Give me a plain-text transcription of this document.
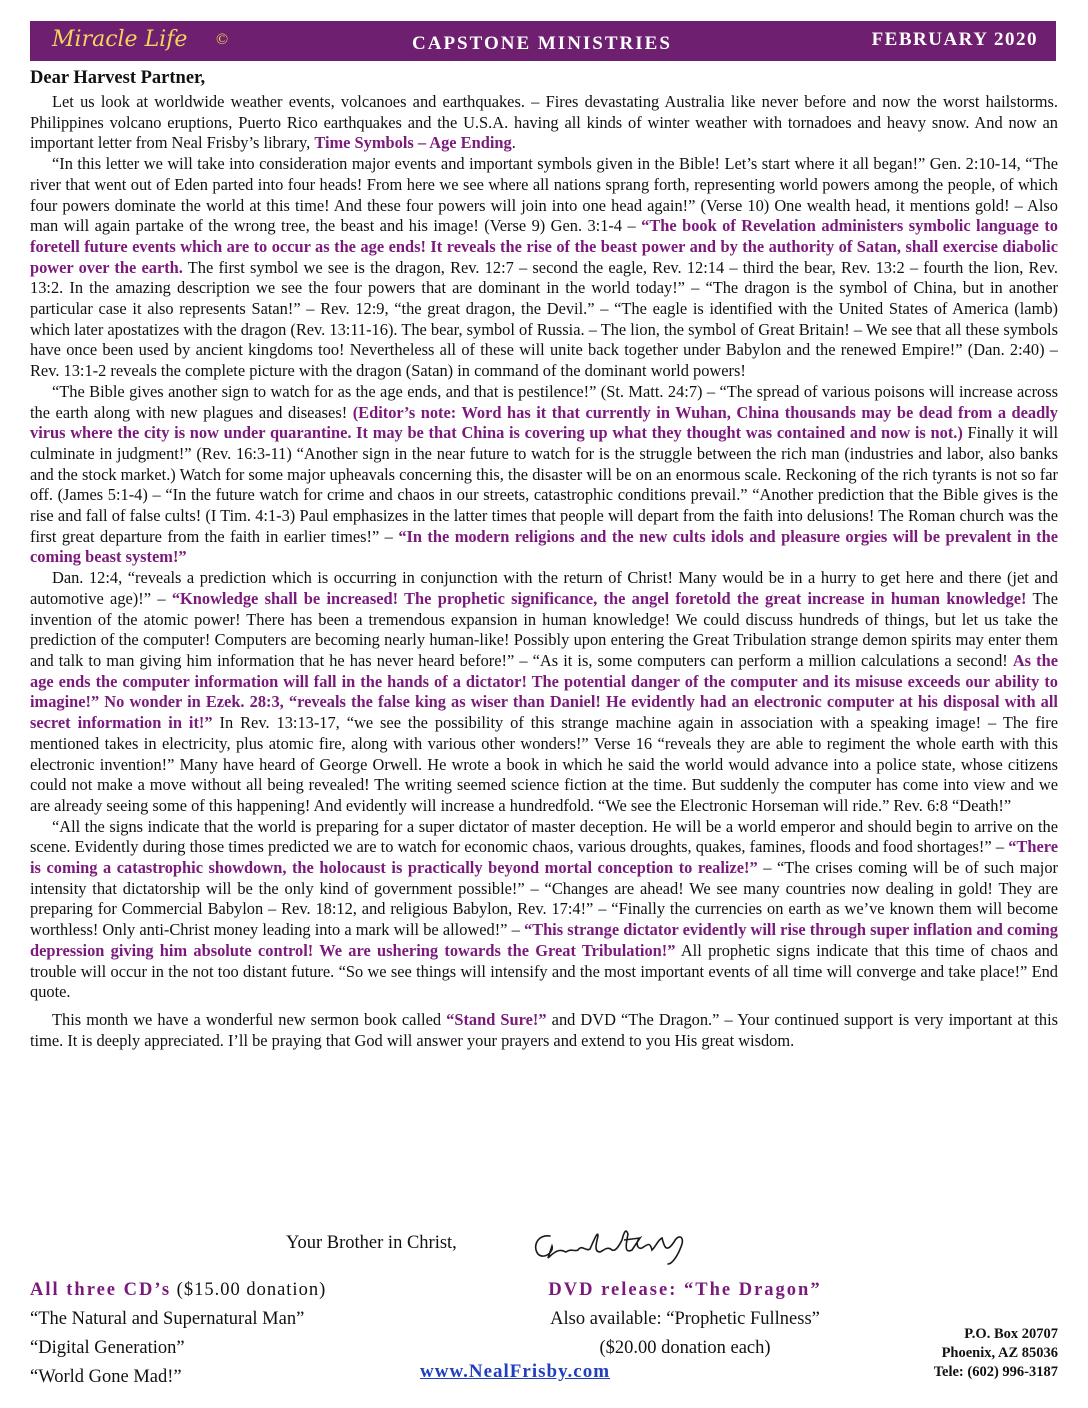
Miracle Life ©	CAPSTONE MINISTRIES	FEBRUARY 2020
Dear Harvest Partner,

Let us look at worldwide weather events, volcanoes and earthquakes. – Fires devastating Australia like never before and now the worst hailstorms. Philippines volcano eruptions, Puerto Rico earthquakes and the U.S.A. having all kinds of winter weather with tornadoes and heavy snow. And now an important letter from Neal Frisby’s library, Time Symbols – Age Ending.

“In this letter we will take into consideration major events and important symbols given in the Bible! Let’s start where it all began!” Gen. 2:10-14, “The river that went out of Eden parted into four heads! From here we see where all nations sprang forth, representing world powers among the people, of which four powers dominate the world at this time! And these four powers will join into one head again!” (Verse 10) One wealth head, it mentions gold! – Also man will again partake of the wrong tree, the beast and his image! (Verse 9) Gen. 3:1-4 – “The book of Revelation administers symbolic language to foretell future events which are to occur as the age ends! It reveals the rise of the beast power and by the authority of Satan, shall exercise diabolic power over the earth. The first symbol we see is the dragon, Rev. 12:7 – second the eagle, Rev. 12:14 – third the bear, Rev. 13:2 – fourth the lion, Rev. 13:2. In the amazing description we see the four powers that are dominant in the world today!” – “The dragon is the symbol of China, but in another particular case it also represents Satan!” – Rev. 12:9, “the great dragon, the Devil.” – “The eagle is identified with the United States of America (lamb) which later apostatizes with the dragon (Rev. 13:11-16). The bear, symbol of Russia. – The lion, the symbol of Great Britain! – We see that all these symbols have once been used by ancient kingdoms too! Nevertheless all of these will unite back together under Babylon and the renewed Empire!” (Dan. 2:40) – Rev. 13:1-2 reveals the complete picture with the dragon (Satan) in command of the dominant world powers!

“The Bible gives another sign to watch for as the age ends, and that is pestilence!” (St. Matt. 24:7) – “The spread of various poisons will increase across the earth along with new plagues and diseases! (Editor’s note: Word has it that currently in Wuhan, China thousands may be dead from a deadly virus where the city is now under quarantine. It may be that China is covering up what they thought was contained and now is not.) Finally it will culminate in judgment!” (Rev. 16:3-11) “Another sign in the near future to watch for is the struggle between the rich man (industries and labor, also banks and the stock market.) Watch for some major upheavals concerning this, the disaster will be on an enormous scale. Reckoning of the rich tyrants is not so far off. (James 5:1-4) – “In the future watch for crime and chaos in our streets, catastrophic conditions prevail.” “Another prediction that the Bible gives is the rise and fall of false cults! (I Tim. 4:1-3) Paul emphasizes in the latter times that people will depart from the faith into delusions! The Roman church was the first great departure from the faith in earlier times!” – “In the modern religions and the new cults idols and pleasure orgies will be prevalent in the coming beast system!”

Dan. 12:4, “reveals a prediction which is occurring in conjunction with the return of Christ! Many would be in a hurry to get here and there (jet and automotive age)!” – “Knowledge shall be increased! The prophetic significance, the angel foretold the great increase in human knowledge! The invention of the atomic power! There has been a tremendous expansion in human knowledge! We could discuss hundreds of things, but let us take the prediction of the computer! Computers are becoming nearly human-like! Possibly upon entering the Great Tribulation strange demon spirits may enter them and talk to man giving him information that he has never heard before!” – “As it is, some computers can perform a million calculations a second! As the age ends the computer information will fall in the hands of a dictator! The potential danger of the computer and its misuse exceeds our ability to imagine!” No wonder in Ezek. 28:3, “reveals the false king as wiser than Daniel! He evidently had an electronic computer at his disposal with all secret information in it!” In Rev. 13:13-17, “we see the possibility of this strange machine again in association with a speaking image! – The fire mentioned takes in electricity, plus atomic fire, along with various other wonders!” Verse 16 “reveals they are able to regiment the whole earth with this electronic invention!” Many have heard of George Orwell. He wrote a book in which he said the world would advance into a police state, whose citizens could not make a move without all being revealed! The writing seemed science fiction at the time. But suddenly the computer has come into view and we are already seeing some of this happening! And evidently will increase a hundredfold. “We see the Electronic Horseman will ride.” Rev. 6:8 “Death!”

“All the signs indicate that the world is preparing for a super dictator of master deception. He will be a world emperor and should begin to arrive on the scene. Evidently during those times predicted we are to watch for economic chaos, various droughts, quakes, famines, floods and food shortages!” – “There is coming a catastrophic showdown, the holocaust is practically beyond mortal conception to realize!” – “The crises coming will be of such major intensity that dictatorship will be the only kind of government possible!” – “Changes are ahead! We see many countries now dealing in gold! They are preparing for Commercial Babylon – Rev. 18:12, and religious Babylon, Rev. 17:4!” – “Finally the currencies on earth as we’ve known them will become worthless! Only anti-Christ money leading into a mark will be allowed!” – “This strange dictator evidently will rise through super inflation and coming depression giving him absolute control! We are ushering towards the Great Tribulation!” All prophetic signs indicate that this time of chaos and trouble will occur in the not too distant future. “So we see things will intensify and the most important events of all time will converge and take place!” End quote.

This month we have a wonderful new sermon book called “Stand Sure!” and DVD “The Dragon.” – Your continued support is very important at this time. It is deeply appreciated. I’ll be praying that God will answer your prayers and extend to you His great wisdom.

Your Brother in Christ,
All three CD’s ($15.00 donation)
“The Natural and Supernatural Man”
“Digital Generation”
“World Gone Mad!”
DVD release: “The Dragon”
Also available: “Prophetic Fullness”
($20.00 donation each)
www.NealFrisby.com
P.O. Box 20707
Phoenix, AZ 85036
Tele: (602) 996-3187
